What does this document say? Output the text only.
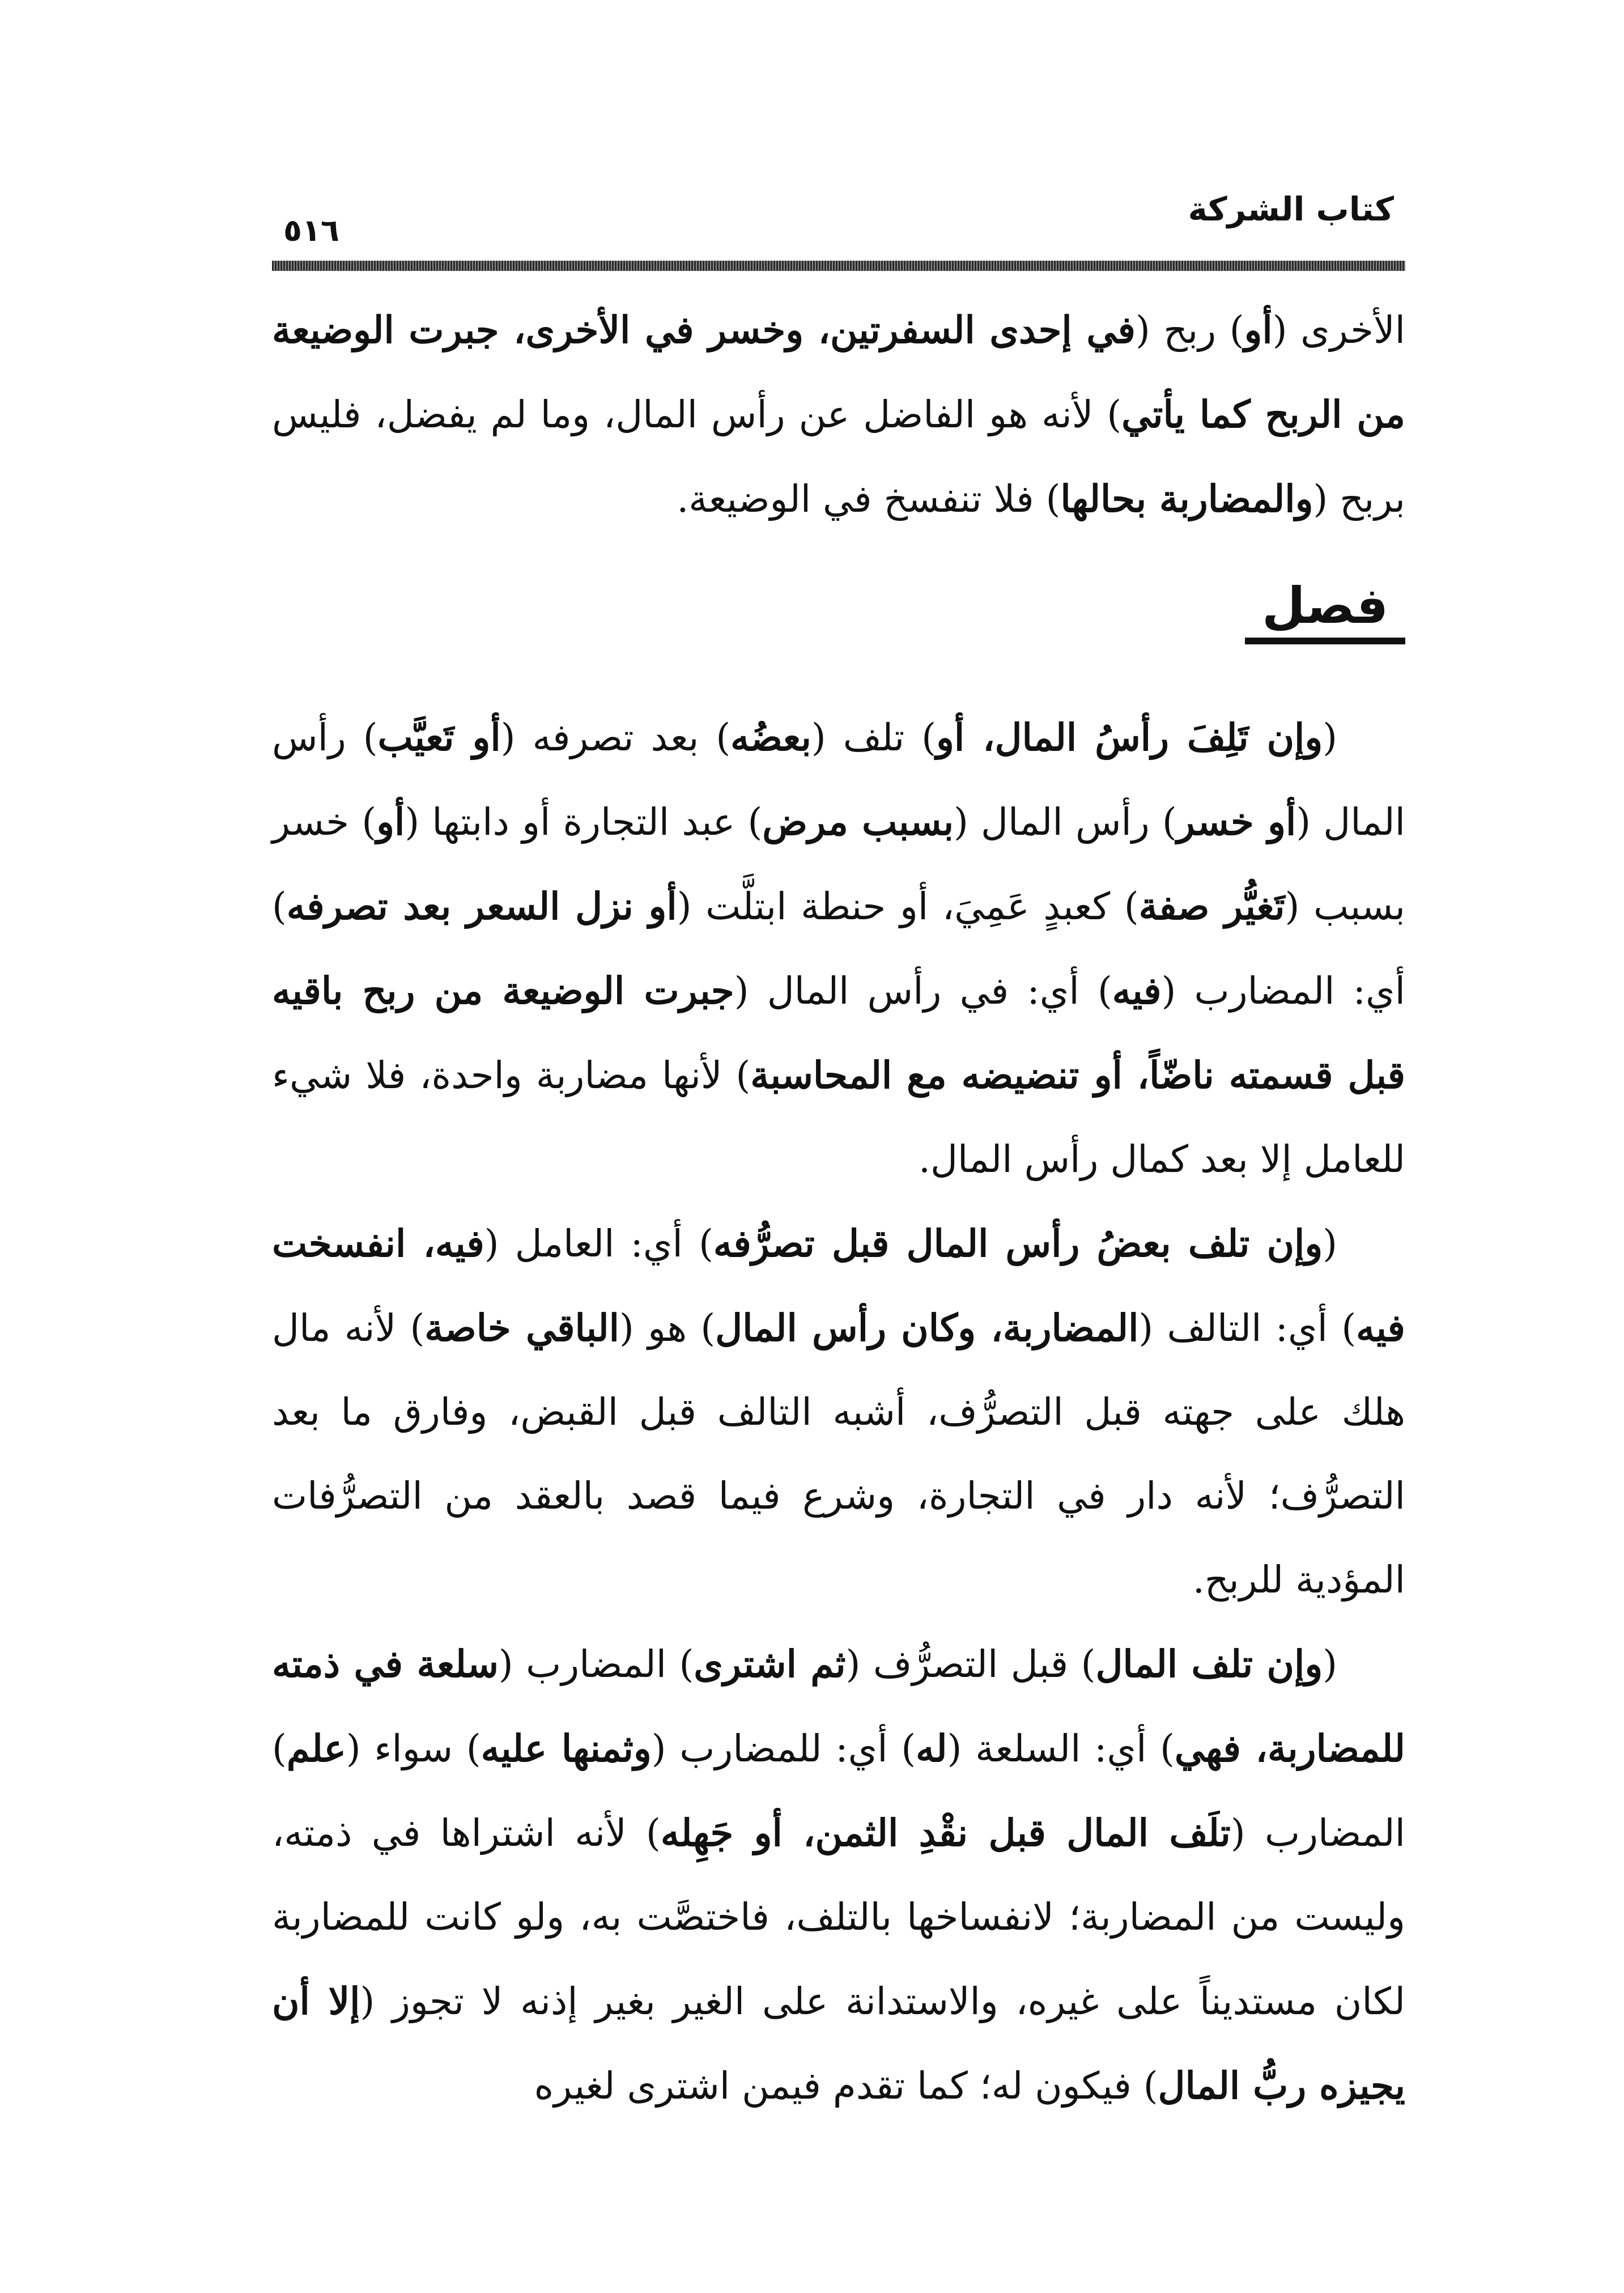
كتاب الشركة
٥١٦

الأخرى (أو) ربح (في إحدى السفرتين، وخسر في الأخرى، جبرت الوضيعة من الربح كما يأتي) لأنه هو الفاضل عن رأس المال، وما لم يفضل، فليس بربح (والمضاربة بحالها) فلا تنفسخ في الوضيعة.

فصل

(وإن تَلِفَ رأسُ المال، أو) تلف (بعضُه) بعد تصرفه (أو تَعيَّب) رأس المال (أو خسر) رأس المال (بسبب مرض) عبد التجارة أو دابتها (أو) خسر بسبب (تَغيُّر صفة) كعبدٍ عَمِيَ، أو حنطة ابتلَّت (أو نزل السعر بعد تصرفه) أي: المضارب (فيه) أي: في رأس المال (جبرت الوضيعة من ربح باقيه قبل قسمته ناضّاً، أو تنضيضه مع المحاسبة) لأنها مضاربة واحدة، فلا شيء للعامل إلا بعد كمال رأس المال.

(وإن تلف بعضُ رأس المال قبل تصرُّفه) أي: العامل (فيه، انفسخت فيه) أي: التالف (المضاربة، وكان رأس المال) هو (الباقي خاصة) لأنه مال هلك على جهته قبل التصرُّف، أشبه التالف قبل القبض، وفارق ما بعد التصرُّف؛ لأنه دار في التجارة، وشرع فيما قصد بالعقد من التصرُّفات المؤدية للربح.

(وإن تلف المال) قبل التصرُّف (ثم اشترى) المضارب (سلعة في ذمته للمضاربة، فهي) أي: السلعة (له) أي: للمضارب (وثمنها عليه) سواء (علم) المضارب (تلَف المال قبل نقْدِ الثمن، أو جَهِله) لأنه اشتراها في ذمته، وليست من المضاربة؛ لانفساخها بالتلف، فاختصَّت به، ولو كانت للمضاربة لكان مستديناً على غيره، والاستدانة على الغير بغير إذنه لا تجوز (إلا أن يجيزه ربُّ المال) فيكون له؛ كما تقدم فيمن اشترى لغيره
